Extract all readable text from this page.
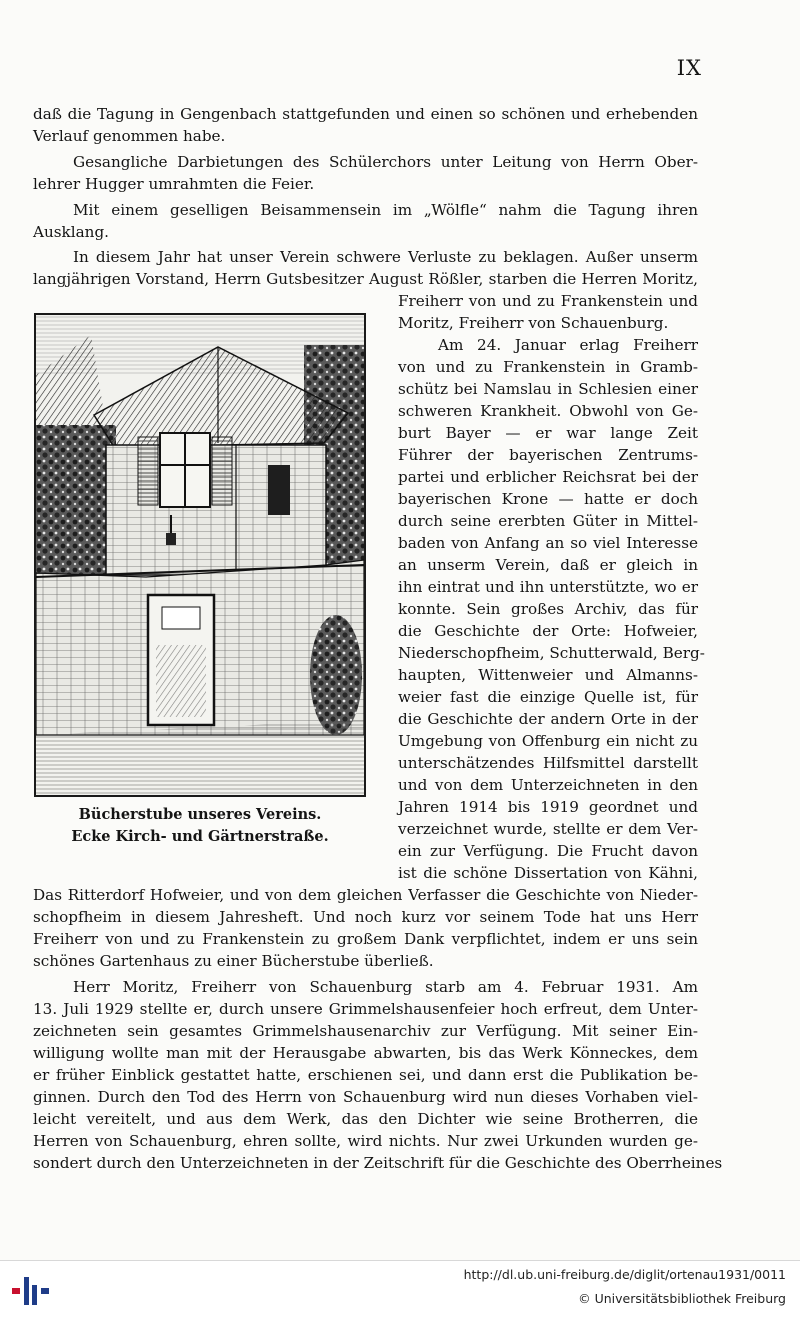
IX

daß die Tagung in Gengenbach stattgefunden und einen so schönen und erhebenden

Verlauf genommen habe.

Gesangliche Darbietungen des Schülerchors unter Leitung von Herrn Ober-

lehrer Hugger umrahmten die Feier.

Mit einem geselligen Beisammensein im „Wölfle“ nahm die Tagung ihren

Ausklang.

In diesem Jahr hat unser Verein schwere Verluste zu beklagen. Außer unserm

langjährigen Vorstand, Herrn Gutsbesitzer August Rößler, starben die Herren Moritz,

Freiherr von und zu Frankenstein und

Moritz, Freiherr von Schauenburg.

Am 24. Januar erlag Freiherr

von und zu Frankenstein in Gramb-

schütz bei Namslau in Schlesien einer

schweren Krankheit. Obwohl von Ge-

burt Bayer — er war lange Zeit

Führer der bayerischen Zentrums-

partei und erblicher Reichsrat bei der

bayerischen Krone — hatte er doch

durch seine ererbten Güter in Mittel-

baden von Anfang an so viel Interesse

an unserm Verein, daß er gleich in

ihn eintrat und ihn unterstützte, wo er

konnte. Sein großes Archiv, das für

die Geschichte der Orte: Hofweier,

Niederschopfheim, Schutterwald, Berg-

haupten, Wittenweier und Almanns-

weier fast die einzige Quelle ist, für

die Geschichte der andern Orte in der

Umgebung von Offenburg ein nicht zu

unterschätzendes Hilfsmittel darstellt

und von dem Unterzeichneten in den

Jahren 1914 bis 1919 geordnet und

verzeichnet wurde, stellte er dem Ver-

ein zur Verfügung. Die Frucht davon

ist die schöne Dissertation von Kähni,

Das Ritterdorf Hofweier, und von dem gleichen Verfasser die Geschichte von Nieder-

schopfheim in diesem Jahresheft. Und noch kurz vor seinem Tode hat uns Herr

Freiherr von und zu Frankenstein zu großem Dank verpflichtet, indem er uns sein

schönes Gartenhaus zu einer Bücherstube überließ.

Herr Moritz, Freiherr von Schauenburg starb am 4. Februar 1931. Am

13. Juli 1929 stellte er, durch unsere Grimmelshausenfeier hoch erfreut, dem Unter-

zeichneten sein gesamtes Grimmelshausenarchiv zur Verfügung. Mit seiner Ein-

willigung wollte man mit der Herausgabe abwarten, bis das Werk Könneckes, dem

er früher Einblick gestattet hatte, erschienen sei, und dann erst die Publikation be-

ginnen. Durch den Tod des Herrn von Schauenburg wird nun dieses Vorhaben viel-

leicht vereitelt, und aus dem Werk, das den Dichter wie seine Brotherren, die

Herren von Schauenburg, ehren sollte, wird nichts. Nur zwei Urkunden wurden ge-

sondert durch den Unterzeichneten in der Zeitschrift für die Geschichte des Oberrheines

Bücherstube unseres Vereins.

Ecke Kirch- und Gärtnerstraße.

http://dl.ub.uni-freiburg.de/diglit/ortenau1931/0011
© Universitätsbibliothek Freiburg
